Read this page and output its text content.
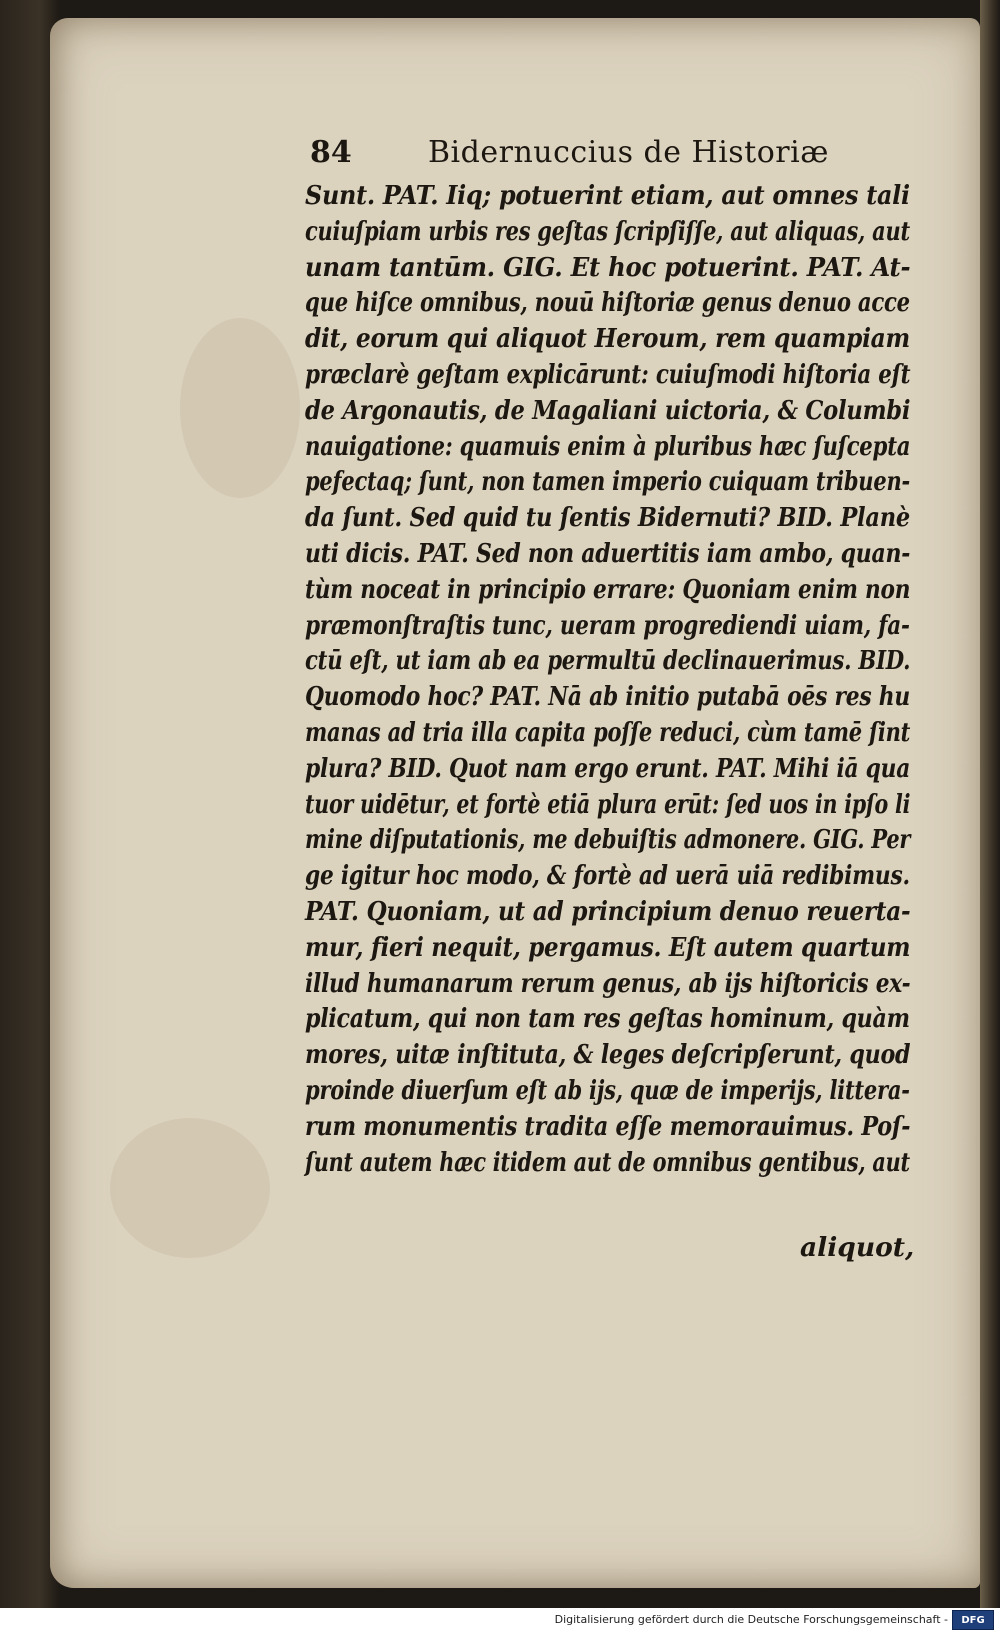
84	Bidernuccius de Historiæ
Sunt. PAT. Iiq; potuerint etiam, aut omnes tali
cuiuſpiam urbis res geſtas ſcripſiſſe, aut aliquas, aut
unam tantūm. GIG. Et hoc potuerint. PAT. At-
que hiſce omnibus, nouū hiſtoriæ genus denuo acce
dit, eorum qui aliquot Heroum, rem quampiam
præclarè geſtam explicārunt: cuiuſmodi hiſtoria eſt
de Argonautis, de Magaliani uictoria, & Columbi
nauigatione: quamuis enim à pluribus hæc ſuſcepta
pefectaq; ſunt, non tamen imperio cuiquam tribuen-
da ſunt. Sed quid tu ſentis Bidernuti? BID. Planè
uti dicis. PAT. Sed non aduertitis iam ambo, quan-
tùm noceat in principio errare: Quoniam enim non
præmonſtraſtis tunc, ueram progrediendi uiam, fa-
ctū eſt, ut iam ab ea permultū declinauerimus. BID.
Quomodo hoc? PAT. Nā ab initio putabā oēs res hu
manas ad tria illa capita poſſe reduci, cùm tamē ſint
plura? BID. Quot nam ergo erunt. PAT. Mihi iā qua
tuor uidētur, et fortè etiā plura erūt: ſed uos in ipſo li
mine diſputationis, me debuiſtis admonere. GIG. Per
ge igitur hoc modo, & fortè ad uerā uiā redibimus.
PAT. Quoniam, ut ad principium denuo reuerta-
mur, fieri nequit, pergamus. Eſt autem quartum
illud humanarum rerum genus, ab ijs hiſtoricis ex-
plicatum, qui non tam res geſtas hominum, quàm
mores, uitæ inſtituta, & leges deſcripſerunt, quod
proinde diuerſum eſt ab ijs, quæ de imperijs, littera-
rum monumentis tradita eſſe memorauimus. Poſ-
ſunt autem hæc itidem aut de omnibus gentibus, aut
aliquot,
Digitalisierung gefördert durch die Deutsche Forschungsgemeinschaft -	DFG
